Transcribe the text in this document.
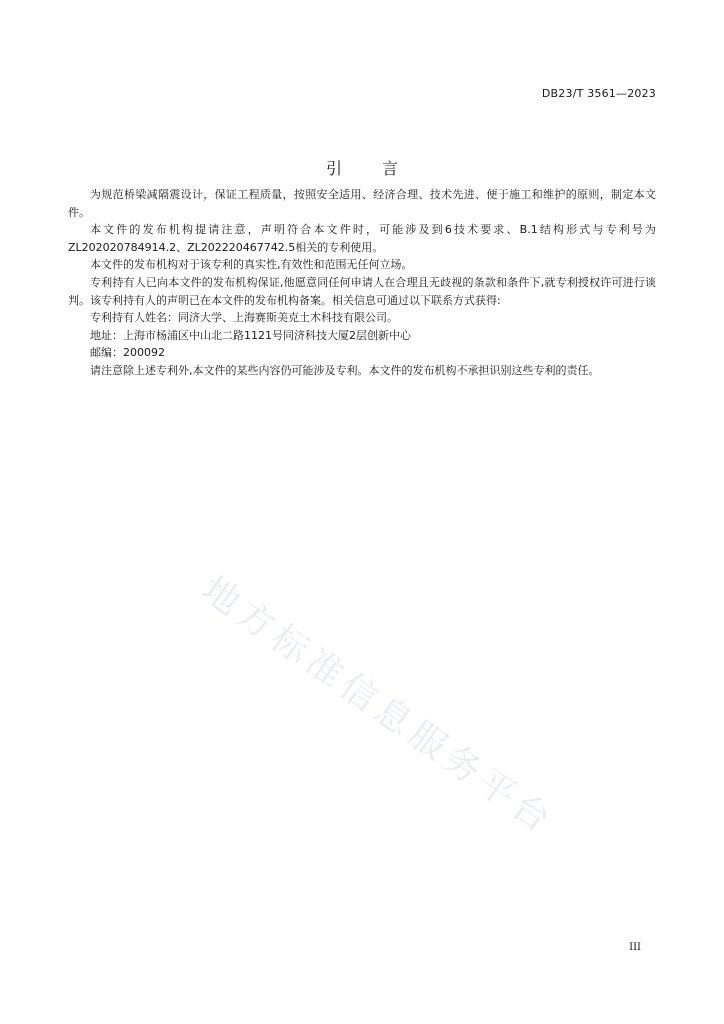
DB23/T 3561—2023
引言

为规范桥梁减隔震设计，保证工程质量，按照安全适用、经济合理、技术先进、便于施工和维护的原则，制定本文件。

本文件的发布机构提请注意，声明符合本文件时，可能涉及到6技术要求、B.1结构形式与专利号为ZL202020784914.2、ZL202220467742.5相关的专利使用。

本文件的发布机构对于该专利的真实性,有效性和范围无任何立场。

专利持有人已向本文件的发布机构保证,他愿意同任何申请人在合理且无歧视的条款和条件下,就专利授权许可进行谈判。该专利持有人的声明已在本文件的发布机构备案。相关信息可通过以下联系方式获得:

专利持有人姓名：同济大学、上海赛斯美克土木科技有限公司。

地址：上海市杨浦区中山北二路1121号同济科技大厦2层创新中心

邮编：200092

请注意除上述专利外,本文件的某些内容仍可能涉及专利。本文件的发布机构不承担识别这些专利的责任。

地方标准信息服务平台
III
